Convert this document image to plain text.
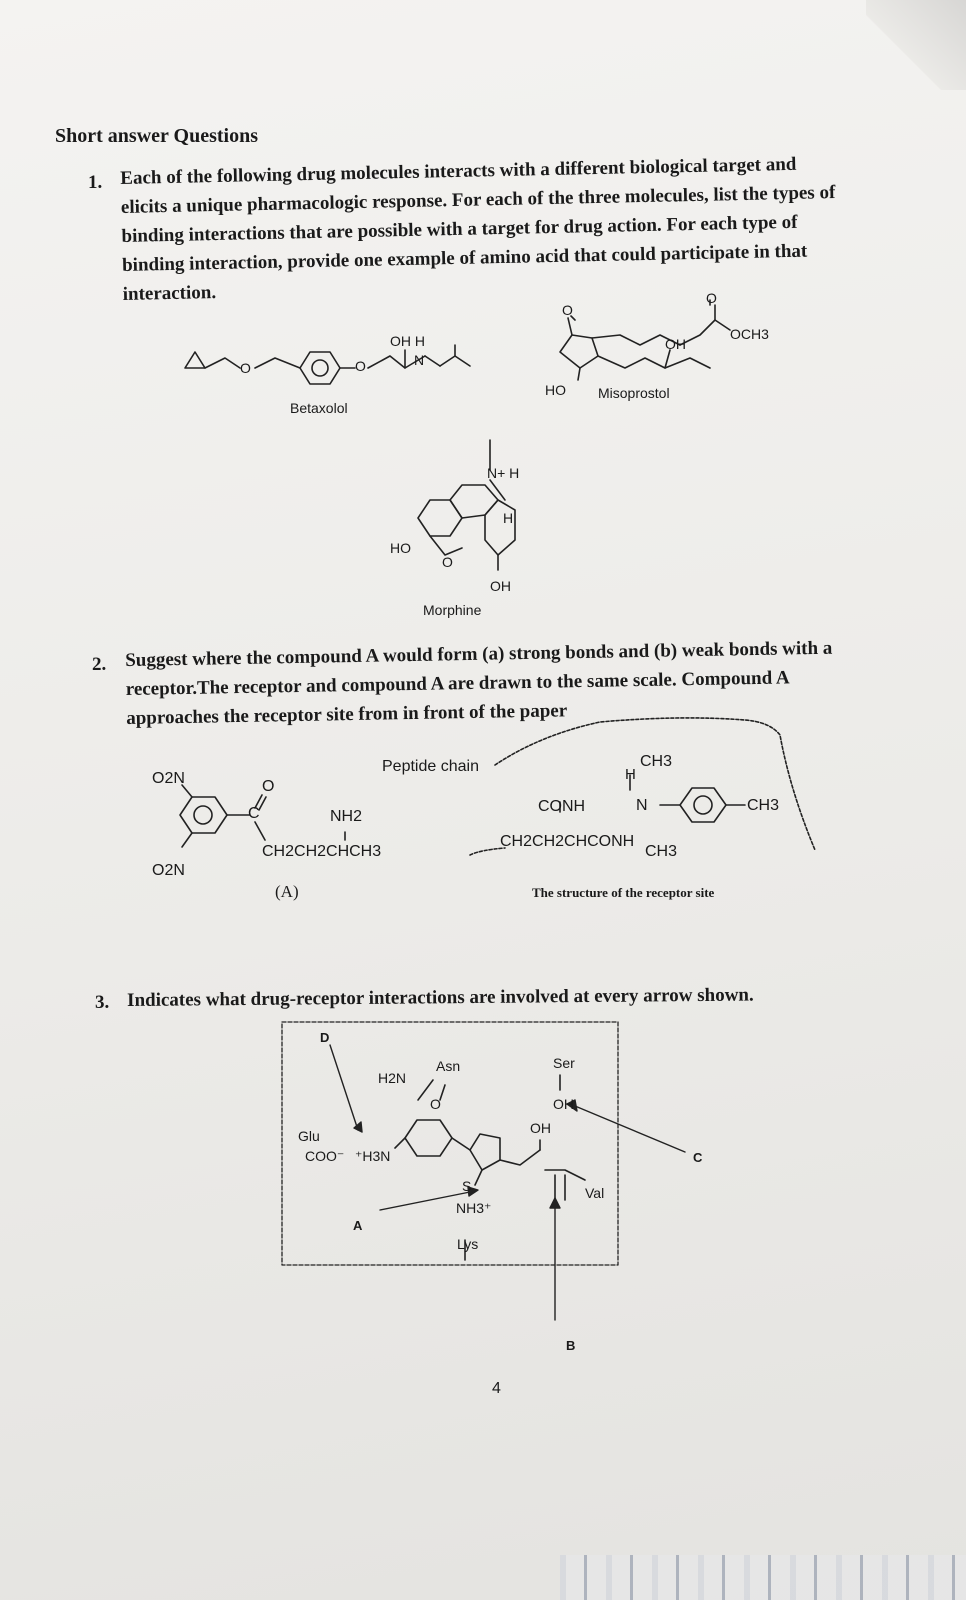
Short answer Questions
1. Each of the following drug molecules interacts with a different biological target and
elicits a unique pharmacologic response. For each of the three molecules, list the types of
binding interactions that are possible with a target for drug action. For each type of
binding interaction, provide one example of amino acid that could participate in that
interaction.
OH H
N
O	O
Betaxolol
O
O
OCH3
OH
HO Misoprostol
N+ H
H
HO
O
OH
Morphine
2. Suggest where the compound A would form (a) strong bonds and (b) weak bonds with a
receptor.The receptor and compound A are drawn to the same scale. Compound A
approaches the receptor site from in front of the paper
O2N
O2N
O
C	NH2
CH2CH2CHCH3
(A)
Peptide chain
CONH
CH2CH2CHCONH
H
CH3
N
CH3
CH3
The structure of the receptor site
3. Indicates what drug-receptor interactions are involved at every arrow shown.
D
Asn
H2N
O
Ser
OH
OH
Glu
COO⁻ ⁺H3N
S
NH3⁺
Lys
Val
A
B
C
4
